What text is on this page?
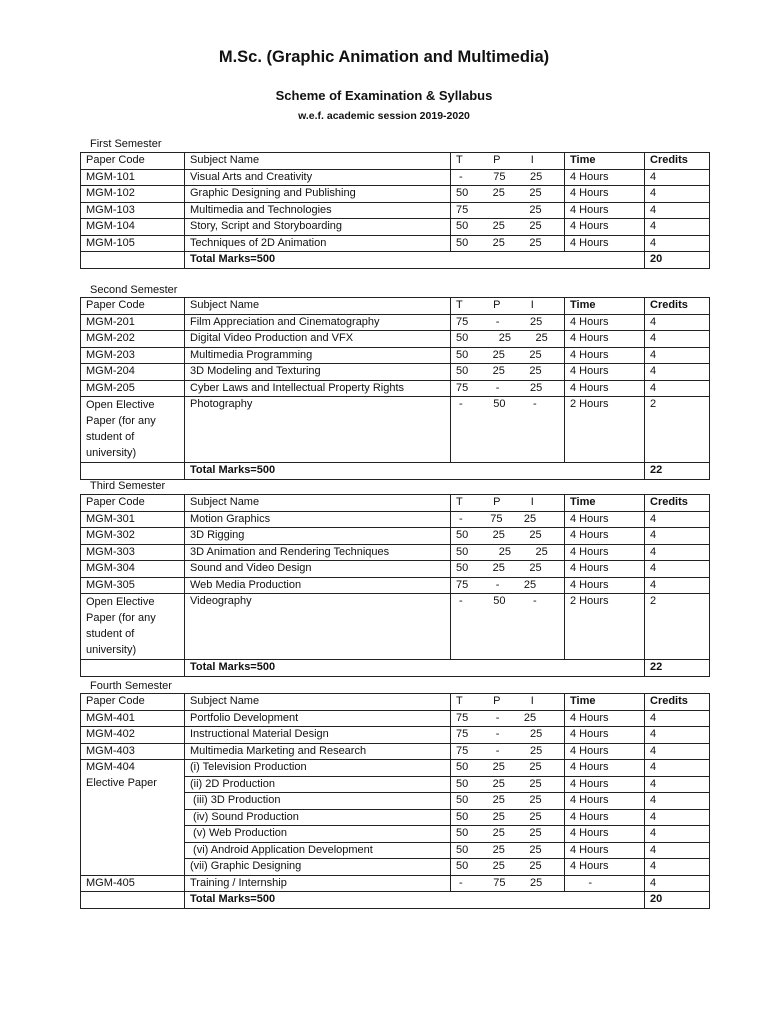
M.Sc. (Graphic Animation and Multimedia)
Scheme of Examination & Syllabus
w.e.f. academic session 2019-2020
First Semester
Paper Code	Subject Name	T          P          I	Time	Credits
MGM-101	Visual Arts and Creativity	-          75        25	4 Hours	4
MGM-102	Graphic Designing and Publishing	50        25        25	4 Hours	4
MGM-103	Multimedia and Technologies	75                    25	4 Hours	4
MGM-104	Story, Script and Storyboarding	50        25        25	4 Hours	4
MGM-105	Techniques of 2D Animation	50        25        25	4 Hours	4
	Total Marks=500			20
Second Semester
Paper Code	Subject Name	T          P          I	Time	Credits
MGM-201	Film Appreciation and Cinematography	75         -          25	4 Hours	4
MGM-202	Digital Video Production and VFX	50          25        25	4 Hours	4
MGM-203	Multimedia Programming	50        25        25	4 Hours	4
MGM-204	3D Modeling and Texturing	50        25        25	4 Hours	4
MGM-205	Cyber Laws and Intellectual Property Rights	75         -          25	4 Hours	4
Open Elective Paper (for any student of university)	Photography	-          50         -	2 Hours	2
	Total Marks=500			22
Third Semester
Paper Code	Subject Name	T          P          I	Time	Credits
MGM-301	Motion Graphics	-         75       25	4 Hours	4
MGM-302	3D Rigging	50        25        25	4 Hours	4
MGM-303	3D Animation and Rendering Techniques	50          25        25	4 Hours	4
MGM-304	Sound and Video Design	50        25        25	4 Hours	4
MGM-305	Web Media Production	75         -        25	4 Hours	4
Open Elective Paper (for any student of university)	Videography	-          50         -	2 Hours	2
	Total Marks=500			22
Fourth Semester
Paper Code	Subject Name	T          P          I	Time	Credits
MGM-401	Portfolio Development	75         -        25	4 Hours	4
MGM-402	Instructional Material Design	75         -          25	4 Hours	4
MGM-403	Multimedia Marketing and Research	75         -          25	4 Hours	4
MGM-404	(i) Television Production	50        25        25	4 Hours	4
Elective Paper	(ii) 2D Production	50        25        25	4 Hours	4
	(iii) 3D Production	50        25        25	4 Hours	4
	(iv) Sound Production	50        25        25	4 Hours	4
	(v) Web Production	50        25        25	4 Hours	4
	(vi) Android Application Development	50        25        25	4 Hours	4
	(vii) Graphic Designing	50        25        25	4 Hours	4
MGM-405	Training / Internship	-          75        25	-	4
	Total Marks=500			20
